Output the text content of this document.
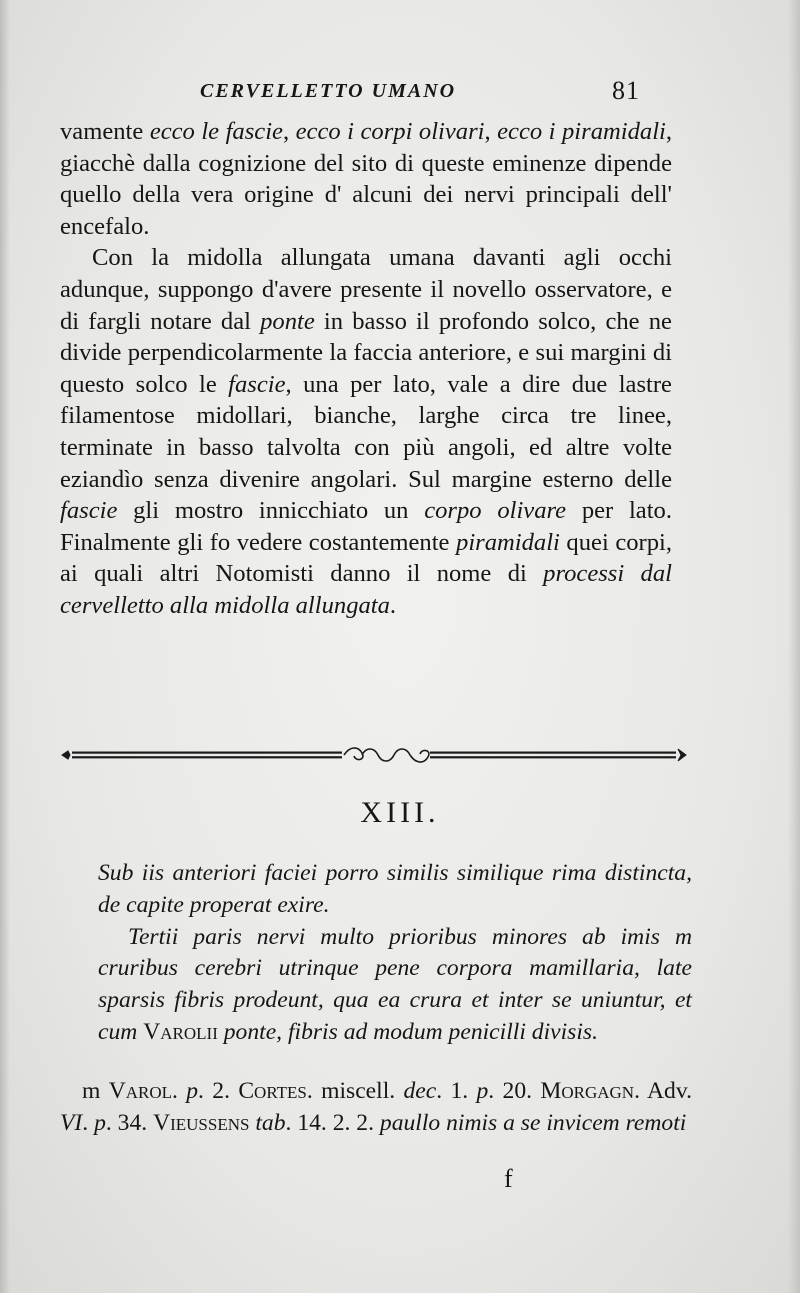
CERVELLETTO UMANO	81
vamente ecco le fascie, ecco i corpi olivari, ecco i piramidali, giacchè dalla cognizione del sito di queste eminenze dipende quello della vera origine d' alcuni dei nervi principali dell' encefalo.
Con la midolla allungata umana davanti agli occhi adunque, suppongo d'avere presente il novello osservatore, e di fargli notare dal ponte in basso il profondo solco, che ne divide perpendicolarmente la faccia anteriore, e sui margini di questo solco le fascie, una per lato, vale a dire due lastre filamentose midollari, bianche, larghe circa tre linee, terminate in basso talvolta con più angoli, ed altre volte eziandìo senza divenire angolari. Sul margine esterno delle fascie gli mostro innicchiato un corpo olivare per lato. Finalmente gli fo vedere costantemente piramidali quei corpi, ai quali altri Notomisti danno il nome di processi dal cervelletto alla midolla allungata.
XIII.
Sub iis anteriori faciei porro similis similique rima distincta, de capite properat exire.
Tertii paris nervi multo prioribus minores ab imis m cruribus cerebri utrinque pene corpora mamillaria, late sparsis fibris prodeunt, qua ea crura et inter se uniuntur, et cum Varolii ponte, fibris ad modum penicilli divisis.
m Varol. p. 2. Cortes. miscell. dec. 1. p. 20. Morgagn. Adv. VI. p. 34. Vieussens tab. 14. 2. 2. paullo nimis a se invicem remoti
f
